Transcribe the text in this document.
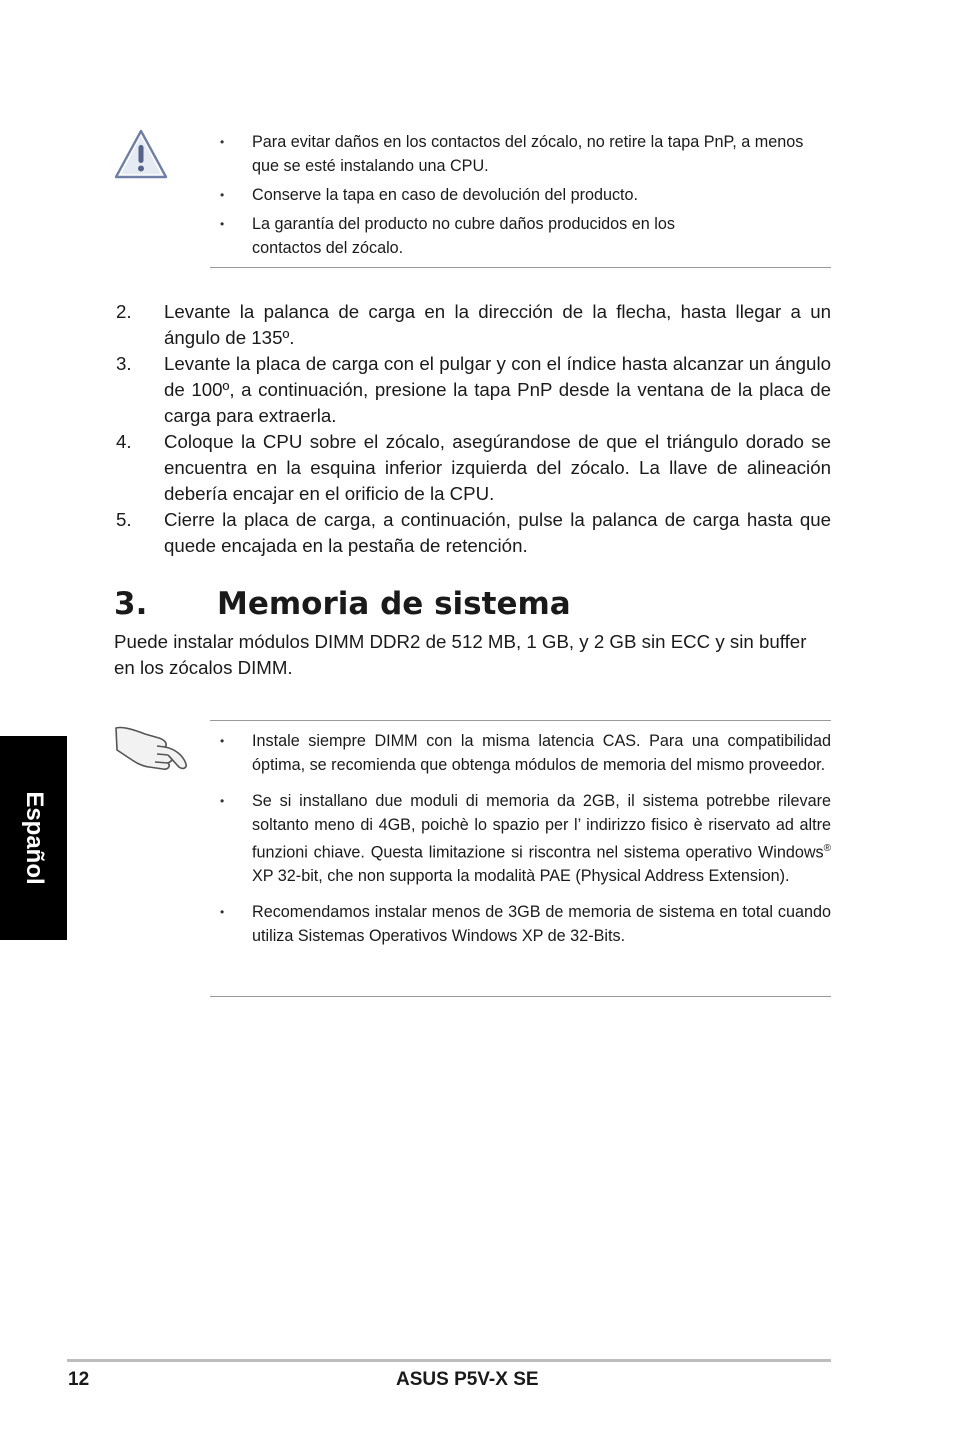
• Para evitar daños en los contactos del zócalo, no retire la tapa PnP, a menos que se esté instalando una CPU.
• Conserve la tapa en caso de devolución del producto.
• La garantía del producto no cubre daños producidos en los contactos del zócalo.
2. Levante la palanca de carga en la dirección de la flecha, hasta llegar a un ángulo de 135º.
3. Levante la placa de carga con el pulgar y con el índice hasta alcanzar un ángulo de 100º, a continuación, presione la tapa PnP desde la ventana de la placa de carga para extraerla.
4. Coloque la CPU sobre el zócalo, asegúrandose de que el triángulo dorado se encuentra en la esquina inferior izquierda del zócalo. La llave de alineación debería encajar en el orificio de la CPU.
5. Cierre la placa de carga, a continuación, pulse la palanca de carga hasta que quede encajada en la pestaña de retención.
3. Memoria de sistema

Puede instalar módulos DIMM DDR2 de 512 MB, 1 GB, y 2 GB sin ECC y sin buffer en los zócalos DIMM.

• Instale siempre DIMM con la misma latencia CAS. Para una compatibilidad óptima, se recomienda que obtenga módulos de memoria del mismo proveedor.
• Se si installano due moduli di memoria da 2GB, il sistema potrebbe rilevare soltanto meno di 4GB, poichè lo spazio per l’ indirizzo fisico è riservato ad altre funzioni chiave. Questa limitazione si riscontra nel sistema operativo Windows® XP 32-bit, che non supporta la modalità PAE (Physical Address Extension).
• Recomendamos instalar menos de 3GB de memoria de sistema en total cuando utiliza Sistemas Operativos Windows XP de 32-Bits.
Español
12	ASUS P5V-X SE
